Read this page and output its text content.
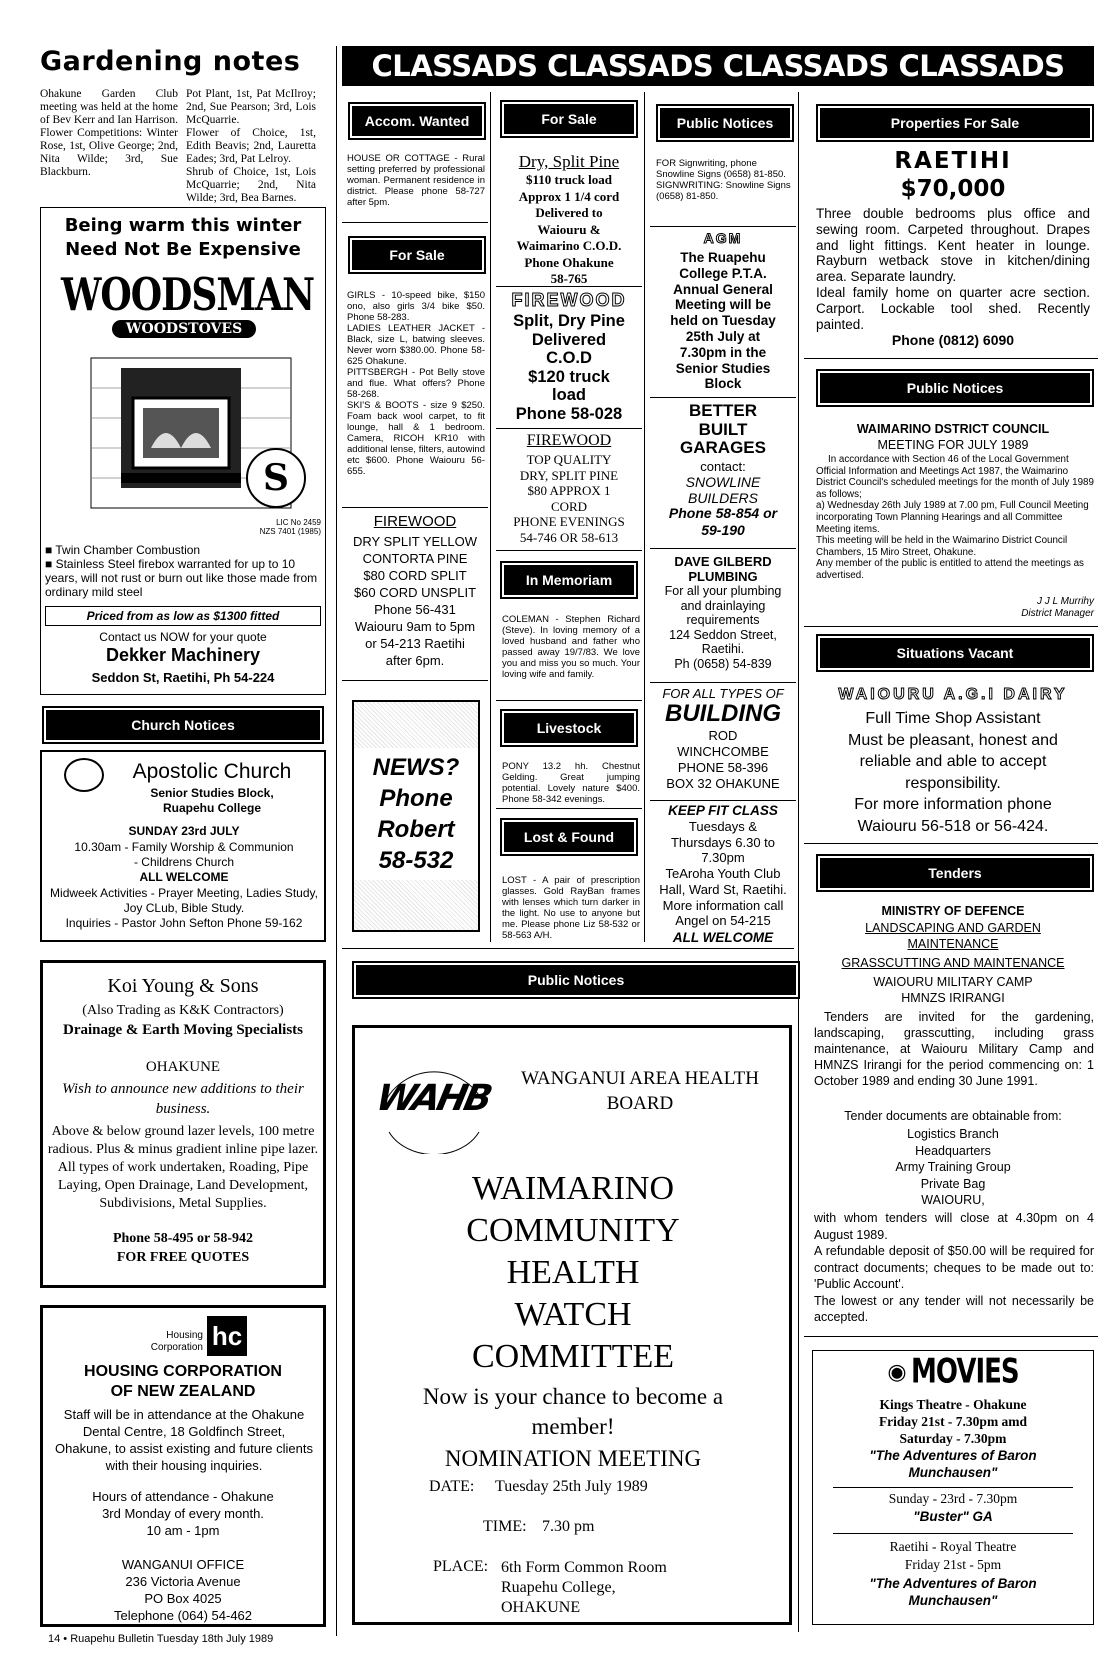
Gardening notes
Ohakune Garden Club meeting was held at the home of Bev Kerr and Ian Harrison.
Flower Competitions: Winter Rose, 1st, Olive George; 2nd, Nita Wilde; 3rd, Sue Blackburn.
Pot Plant, 1st, Pat McIlroy; 2nd, Sue Pearson; 3rd, Lois McQuarrie.
Flower of Choice, 1st, Edith Beavis; 2nd, Lauretta Eades; 3rd, Pat Lelroy.
Shrub of Choice, 1st, Lois McQuarrie; 2nd, Nita Wilde; 3rd, Bea Barnes.
Being warm this winter Need Not Be Expensive
WOODSMAN
WOODSTOVES
S
LIC No 2459
NZS 7401 (1985)
■ Twin Chamber Combustion
■ Stainless Steel firebox warranted for up to 10 years, will not rust or burn out like those made from ordinary mild steel
Priced from as low as $1300 fitted
Contact us NOW for your quote
Dekker Machinery
Seddon St, Raetihi, Ph 54-224
Church Notices
Apostolic Church
Senior Studies Block,
Ruapehu College
SUNDAY 23rd JULY
10.30am - Family Worship & Communion
- Childrens Church
ALL WELCOME
Midweek Activities - Prayer Meeting, Ladies Study, Joy CLub, Bible Study.
Inquiries - Pastor John Sefton Phone 59-162
Koi Young & Sons
(Also Trading as K&K Contractors)
Drainage & Earth Moving Specialists
OHAKUNE
Wish to announce new additions to their business.
Above & below ground lazer levels, 100 metre radious. Plus & minus gradient inline pipe lazer. All types of work undertaken, Roading, Pipe Laying, Open Drainage, Land Development, Subdivisions, Metal Supplies.
Phone 58-495 or 58-942
FOR FREE QUOTES
Housing
Corporation hc
HOUSING CORPORATION
OF NEW ZEALAND
Staff will be in attendance at the Ohakune Dental Centre, 18 Goldfinch Street, Ohakune, to assist existing and future clients with their housing inquiries.
Hours of attendance - Ohakune
3rd Monday of every month.
10 am - 1pm
WANGANUI OFFICE
236 Victoria Avenue
PO Box 4025
Telephone (064) 54-462
14 • Ruapehu Bulletin Tuesday 18th July 1989
CLASSADS CLASSADS CLASSADS CLASSADS
Accom. Wanted
HOUSE OR COTTAGE - Rural setting preferred by professional woman. Permanent residence in district. Please phone 58-727 after 5pm.
For Sale
GIRLS - 10-speed bike, $150 ono, also girls 3/4 bike $50. Phone 58-283.
LADIES LEATHER JACKET - Black, size L, batwing sleeves. Never worn $380.00. Phone 58-625 Ohakune.
PITTSBERGH - Pot Belly stove and flue. What offers? Phone 58-268.
SKI'S & BOOTS - size 9 $250. Foam back wool carpet, to fit lounge, hall & 1 bedroom. Camera, RICOH KR10 with additional lense, filters, autowind etc $600. Phone Waiouru 56-655.
FIREWOOD
DRY SPLIT YELLOW
CONTORTA PINE
$80 CORD SPLIT
$60 CORD UNSPLIT
Phone 56-431
Waiouru 9am to 5pm
or 54-213 Raetihi
after 6pm.
NEWS?
Phone
Robert
58-532
For Sale
Dry, Split Pine
$110 truck load
Approx 1 1/4 cord
Delivered to
Waiouru &
Waimarino C.O.D.
Phone Ohakune
58-765
FIREWOOD
Split, Dry Pine
Delivered
C.O.D
$120 truck
load
Phone 58-028
FIREWOOD
TOP QUALITY
DRY, SPLIT PINE
$80 APPROX 1
CORD
PHONE EVENINGS
54-746 OR 58-613
In Memoriam
COLEMAN - Stephen Richard (Steve). In loving memory of a loved husband and father who passed away 19/7/83. We love you and miss you so much. Your loving wife and family.
Livestock
PONY 13.2 hh. Chestnut Gelding. Great jumping potential. Lovely nature $400. Phone 58-342 evenings.
Lost & Found
LOST - A pair of prescription glasses. Gold RayBan frames with lenses which turn darker in the light. No use to anyone but me. Please phone Liz 58-532 or 58-563 A/H.
Public Notices
FOR Signwriting, phone Snowline Signs (0658) 81-850.
SIGNWRITING: Snowline Signs (0658) 81-850.
AGM
The Ruapehu
College P.T.A.
Annual General
Meeting will be
held on Tuesday
25th July at
7.30pm in the
Senior Studies
Block
BETTER
BUILT
GARAGES
contact:
SNOWLINE
BUILDERS
Phone 58-854 or
59-190
DAVE GILBERD
PLUMBING
For all your plumbing
and drainlaying
requirements
124 Seddon Street,
Raetihi.
Ph (0658) 54-839
FOR ALL TYPES OF
BUILDING
ROD
WINCHCOMBE
PHONE 58-396
BOX 32 OHAKUNE
KEEP FIT CLASS
Tuesdays &
Thursdays 6.30 to
7.30pm
TeAroha Youth Club
Hall, Ward St, Raetihi.
More information call
Angel on 54-215
ALL WELCOME
Public Notices
WAHB	WANGANUI AREA HEALTH
BOARD
WAIMARINO
COMMUNITY
HEALTH
WATCH
COMMITTEE
Now is your chance to become a
member!
NOMINATION MEETING
DATE: Tuesday 25th July 1989
TIME: 7.30 pm
PLACE: 6th Form Common Room
Ruapehu College,
OHAKUNE
Properties For Sale
RAETIHI
$70,000
Three double bedrooms plus office and sewing room. Carpeted throughout. Drapes and light fittings. Kent heater in lounge. Rayburn wetback stove in kitchen/dining area. Separate laundry.
Ideal family home on quarter acre section. Carport. Lockable tool shed. Recently painted.
Phone (0812) 6090
Public Notices
WAIMARINO DSTRICT COUNCIL
MEETING FOR JULY 1989
In accordance with Section 46 of the Local Government Official Information and Meetings Act 1987, the Waimarino District Council's scheduled meetings for the month of July 1989 as follows;
a) Wednesday 26th July 1989 at 7.00 pm, Full Council Meeting incorporating Town Planning Hearings and all Committee Meeting items.
This meeting will be held in the Waimarino District Council Chambers, 15 Miro Street, Ohakune.
Any member of the public is entitled to attend the meetings as advertised.
J J L Murrihy
District Manager
Situations Vacant
WAIOURU A.G.I DAIRY
Full Time Shop Assistant
Must be pleasant, honest and
reliable and able to accept
responsibility.
For more information phone
Waiouru 56-518 or 56-424.
Tenders
MINISTRY OF DEFENCE
LANDSCAPING AND GARDEN
MAINTENANCE
GRASSCUTTING AND MAINTENANCE
WAIOURU MILITARY CAMP
HMNZS IRIRANGI
Tenders are invited for the gardening, landscaping, grasscutting, including grass maintenance, at Waiouru Military Camp and HMNZS Irirangi for the period commencing on: 1 October 1989 and ending 30 June 1991.
Tender documents are obtainable from:
Logistics Branch
Headquarters
Army Training Group
Private Bag
WAIOURU,
with whom tenders will close at 4.30pm on 4 August 1989.
A refundable deposit of $50.00 will be required for contract documents; cheques to be made out to: 'Public Account'.
The lowest or any tender will not necessarily be accepted.
◉ MOVIES
Kings Theatre - Ohakune
Friday 21st - 7.30pm amd
Saturday - 7.30pm
"The Adventures of Baron
Munchausen"
Sunday - 23rd - 7.30pm
"Buster" GA
Raetihi - Royal Theatre
Friday 21st - 5pm
"The Adventures of Baron
Munchausen"
